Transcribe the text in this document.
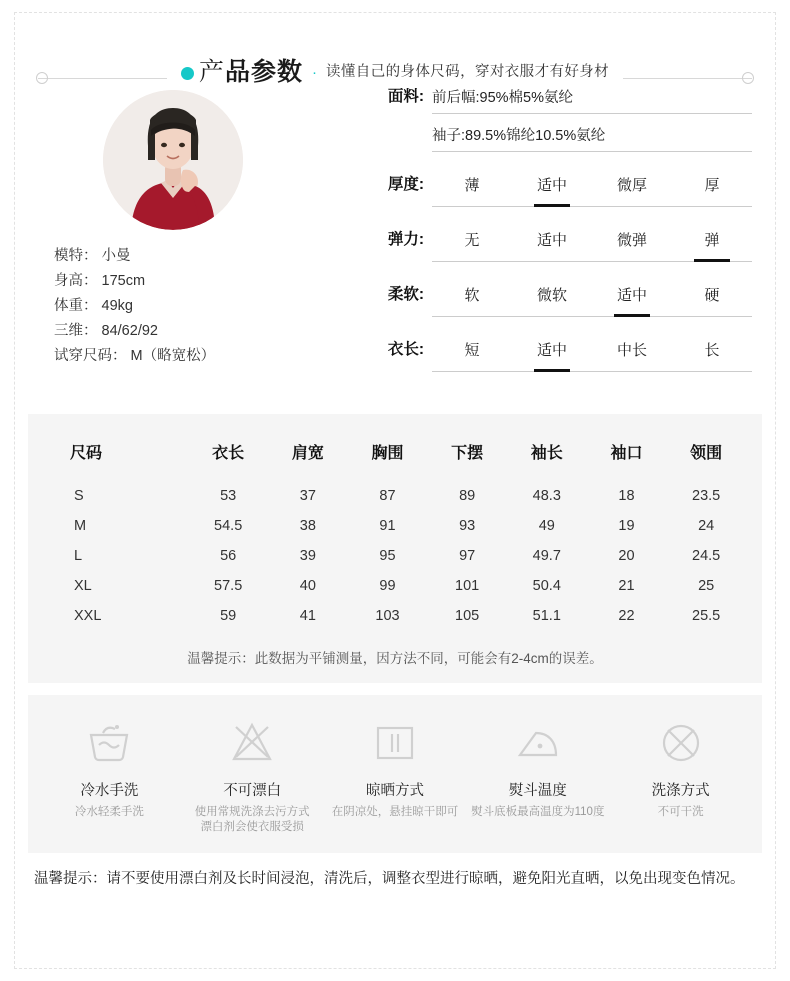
产品参数 · 读懂自己的身体尺码，穿对衣服才有好身材
模特： 小曼
身高： 175cm
体重： 49kg
三维： 84/62/92
试穿尺码： M（略宽松）
面料: 前后幅:95%棉5%氨纶
袖子:89.5%锦纶10.5%氨纶
厚度:	薄	适中	微厚	厚
弹力:	无	适中	微弹	弹
柔软:	软	微软	适中	硬
衣长:	短	适中	中长	长
尺码	衣长	肩宽	胸围	下摆	袖长	袖口	领围
S	53	37	87	89	48.3	18	23.5
M	54.5	38	91	93	49	19	24
L	56	39	95	97	49.7	20	24.5
XL	57.5	40	99	101	50.4	21	25
XXL	59	41	103	105	51.1	22	25.5
温馨提示：此数据为平铺测量，因方法不同，可能会有2-4cm的误差。
冷水手洗
冷水轻柔手洗
不可漂白
使用常规洗涤去污方式
漂白剂会使衣服受损
晾晒方式
在阴凉处，悬挂晾干即可
熨斗温度
熨斗底板最高温度为110度
洗涤方式
不可干洗
温馨提示： 请不要使用漂白剂及长时间浸泡，清洗后，调整衣型进行晾晒，避免阳光直晒，以免出现变色情况。
